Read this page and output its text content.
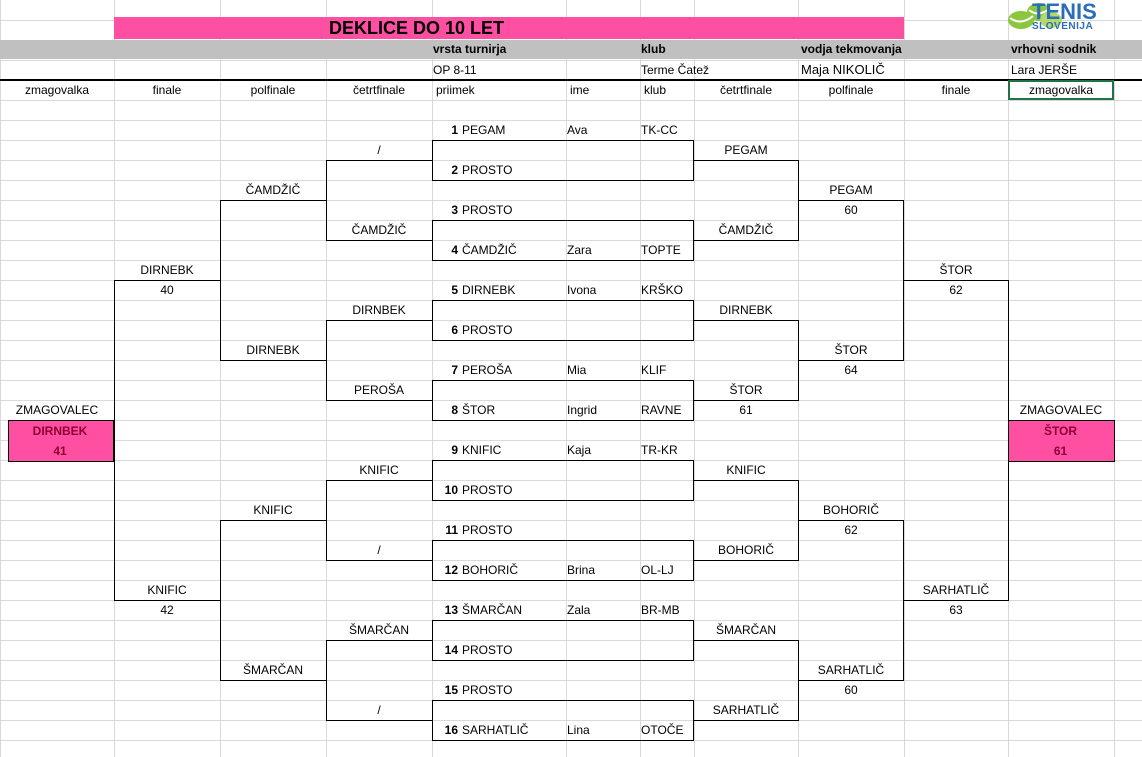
DEKLICE DO 10 LET
TENIS
SLOVENIJA
vrsta turnirja	klub	vodja tekmovanja	vrhovni sodnik
OP 8-11	Terme Čatež	Maja NIKOLIČ	Lara JERŠE
zmagovalka	finale	polfinale	četrtfinale	priimek	ime	klub	četrtfinale	polfinale	finale	zmagovalka
1 PEGAM	Ava	TK-CC
2 PROSTO
3 PROSTO
4 ČAMDŽIČ	Zara	TOPTE
5 DIRNEBK	Ivona	KRŠKO
6 PROSTO
7 PEROŠA	Mia	KLIF
8 ŠTOR	Ingrid	RAVNE
9 KNIFIC	Kaja	TR-KR
10 PROSTO
11 PROSTO
12 BOHORIČ	Brina	OL-LJ
13 ŠMARČAN	Zala	BR-MB
14 PROSTO
15 PROSTO
16 SARHATLIČ	Lina	OTOČE
/
ČAMDŽIČ
DIRNBEK
PEROŠA
KNIFIC
/
ŠMARČAN
/
PEGAM
ČAMDŽIČ
DIRNEBK
ŠTOR
61
KNIFIC
BOHORIČ
ŠMARČAN
SARHATLIČ
ČAMDŽIČ
DIRNEBK
KNIFIC
ŠMARČAN
PEGAM
60
ŠTOR
64
BOHORIČ
62
SARHATLIČ
60
DIRNEBK
40
KNIFIC
42
ŠTOR
62
SARHATLIČ
63
ZMAGOVALEC
DIRNBEK
41
ZMAGOVALEC
ŠTOR
61
